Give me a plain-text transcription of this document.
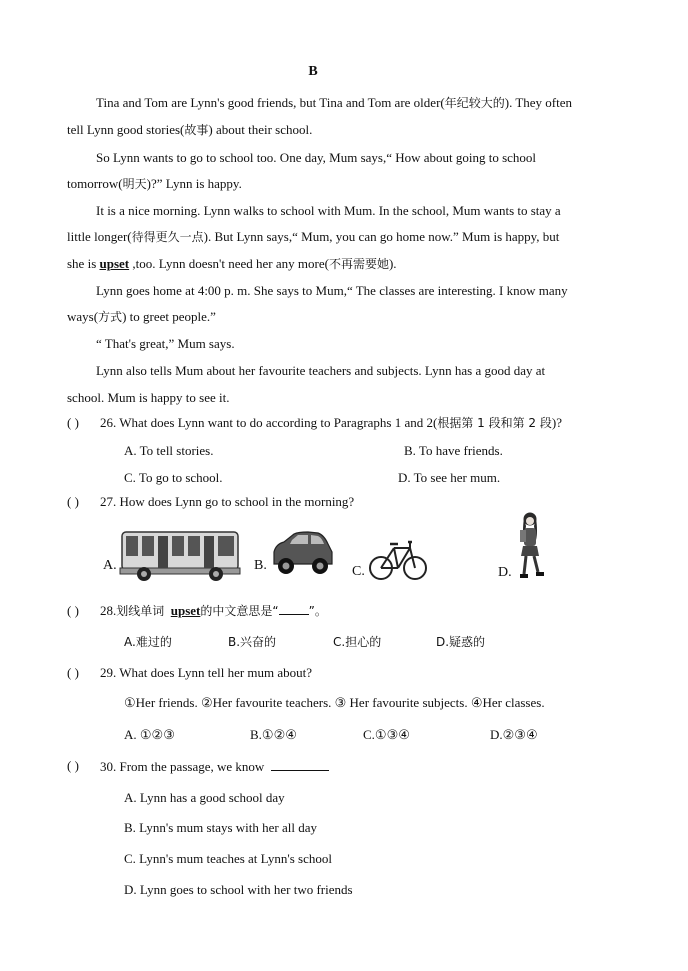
B
Tina and Tom are Lynn's good friends, but Tina and Tom are older(年纪较大的). They often
tell Lynn good stories(故事) about their school.
So Lynn wants to go to school too. One day, Mum says,“ How about going to school
tomorrow(明天)?” Lynn is happy.
It is a nice morning. Lynn walks to school with Mum. In the school, Mum wants to stay a
little longer(待得更久一点). But Lynn says,“ Mum, you can go home now.” Mum is happy, but
she is upset ,too. Lynn doesn't need her any more(不再需要她).
Lynn goes home at 4:00 p. m. She says to Mum,“ The classes are interesting. I know many
ways(方式) to greet people.”
“ That's great,” Mum says.
Lynn also tells Mum about her favourite teachers and subjects. Lynn has a good day at
school. Mum is happy to see it.
( ) 26. What does Lynn want to do according to Paragraphs 1 and 2(根据第 1 段和第 2 段)?
A. To tell stories.	B. To have friends.
C. To go to school.	D. To see her mum.
( ) 27. How does Lynn go to school in the morning?
A.	B.	C.	D.
( ) 28.划线单词 upset的中文意思是“	”。
A.难过的	B.兴奋的	C.担心的	D.疑惑的
( ) 29. What does Lynn tell her mum about?
①Her friends. ②Her favourite teachers. ③ Her favourite subjects. ④Her classes.
A. ①②③	B.①②④	C.①③④	D.②③④
( ) 30. From the passage, we know
A. Lynn has a good school day
B. Lynn's mum stays with her all day
C. Lynn's mum teaches at Lynn's school
D. Lynn goes to school with her two friends
